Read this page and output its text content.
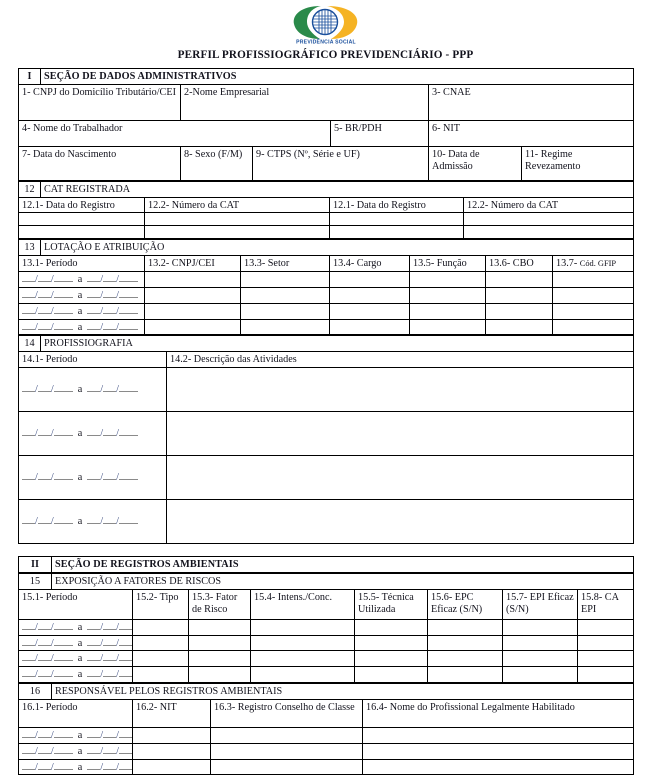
PREVIDÊNCIA SOCIAL
PERFIL PROFISSIOGRÁFICO PREVIDENCIÁRIO - PPP
I	SEÇÃO DE DADOS ADMINISTRATIVOS					
1- CNPJ do Domicílio Tributário/CEI		2-Nome Empresarial			3- CNAE	
4- Nome do Trabalhador				5- BR/PDH	6- NIT	
7- Data do Nascimento		8- Sexo (F/M)	9- CTPS (Nº, Série e UF)		10- Data de Admissão	11- Regime Revezamento
12	CAT REGISTRADA			
12.1- Data do Registro		12.2- Número da CAT	12.1- Data do Registro	12.2- Número da CAT

13	LOTAÇÃO E ATRIBUIÇÃO						
13.1- Período		13.2- CNPJ/CEI	13.3- Setor	13.4- Cargo	13.5- Função	13.6- CBO	13.7- Cód. GFIP
/ / a / /							
/ / a / /							
/ / a / /							
/ / a / /							
14	PROFISSIOGRAFIA	
14.1- Período		14.2- Descrição das Atividades
/ / a / /		
/ / a / /		
/ / a / /		
/ / a / /		
II	SEÇÃO DE REGISTROS AMBIENTAIS
15	EXPOSIÇÃO A FATORES DE RISCOS							
15.1- Período		15.2- Tipo	15.3- Fator de Risco	15.4- Intens./Conc.	15.5- Técnica Utilizada	15.6- EPC Eficaz (S/N)	15.7- EPI Eficaz (S/N)	15.8- CA EPI
/ / a / /								
/ / a / /								
/ / a / /								
/ / a / /								
16	RESPONSÁVEL PELOS REGISTROS AMBIENTAIS			
16.1- Período		16.2- NIT	16.3- Registro Conselho de Classe	16.4- Nome do Profissional Legalmente Habilitado
/ / a / /				
/ / a / /				
/ / a / /				
